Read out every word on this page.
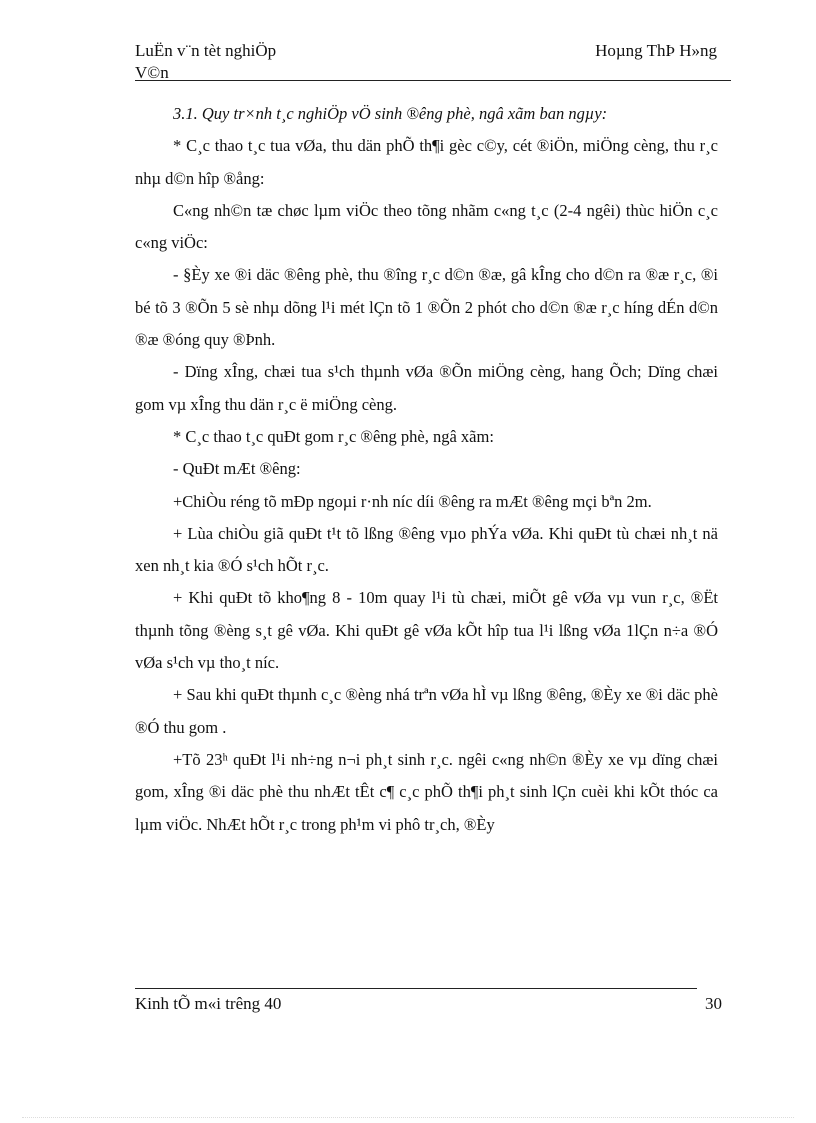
LuËn v¨n tèt nghiÖp
V©n
Hoµng ThÞ H»ng

3.1. Quy tr×nh t¸c nghiÖp vÖ sinh ®êng phè, ngâ xãm ban ngµy:

* C¸c thao t¸c tua vØa, thu dän phÕ th¶i gèc c©y, cét ®iÖn, miÖng cèng, thu r¸c nhµ d©n hîp ®ång:

C«ng nh©n tæ chøc lµm viÖc theo tõng nhãm c«ng t¸c (2-4 ngêi) thùc hiÖn c¸c c«ng viÖc:

- §Èy xe ®i däc ®êng phè, thu ®îng r¸c d©n ®æ, gâ kÎng cho d©n ra ®æ r¸c, ®i bé tõ 3 ®Õn 5 sè nhµ dõng l¹i mét lÇn tõ 1 ®Õn 2 phót cho d©n ®æ r¸c híng dÉn d©n ®æ ®óng quy ®Þnh.

- Dïng xÎng, chæi tua s¹ch thµnh vØa ®Õn miÖng cèng, hang Õch; Dïng chæi gom vµ xÎng thu dän r¸c ë miÖng cèng.

* C¸c thao t¸c quÐt gom r¸c ®êng phè, ngâ xãm:

- QuÐt mÆt ®êng:

+ChiÒu réng tõ mÐp ngoµi r·nh níc díi ®êng ra mÆt ®êng mçi bªn 2m.

+ Lùa chiÒu giã quÐt t¹t tõ lßng ®êng vµo phÝa vØa. Khi quÐt tù chæi nh¸t nä xen nh¸t kia ®Ó s¹ch hÕt r¸c.

+ Khi quÐt tõ kho¶ng 8 - 10m quay l¹i tù chæi, miÕt gê vØa vµ vun r¸c, ®Ët thµnh tõng ®èng s¸t gê vØa. Khi quÐt gê vØa kÕt hîp tua l¹i lßng vØa 1lÇn n÷a ®Ó vØa s¹ch vµ tho¸t níc.

+ Sau khi quÐt thµnh c¸c ®èng nhá trªn vØa hÌ vµ lßng ®êng, ®Èy xe ®i däc phè ®Ó thu gom .

+Tõ 23ʰ quÐt l¹i nh÷ng n¬i ph¸t sinh r¸c. ngêi c«ng nh©n ®Èy xe vµ dïng chæi gom, xÎng ®i däc phè thu nhÆt tÊt c¶ c¸c phÕ th¶i ph¸t sinh lÇn cuèi khi kÕt thóc ca lµm viÖc. NhÆt hÕt r¸c trong ph¹m vi phô tr¸ch, ®Èy

Kinh tÕ m«i trêng 40	30
